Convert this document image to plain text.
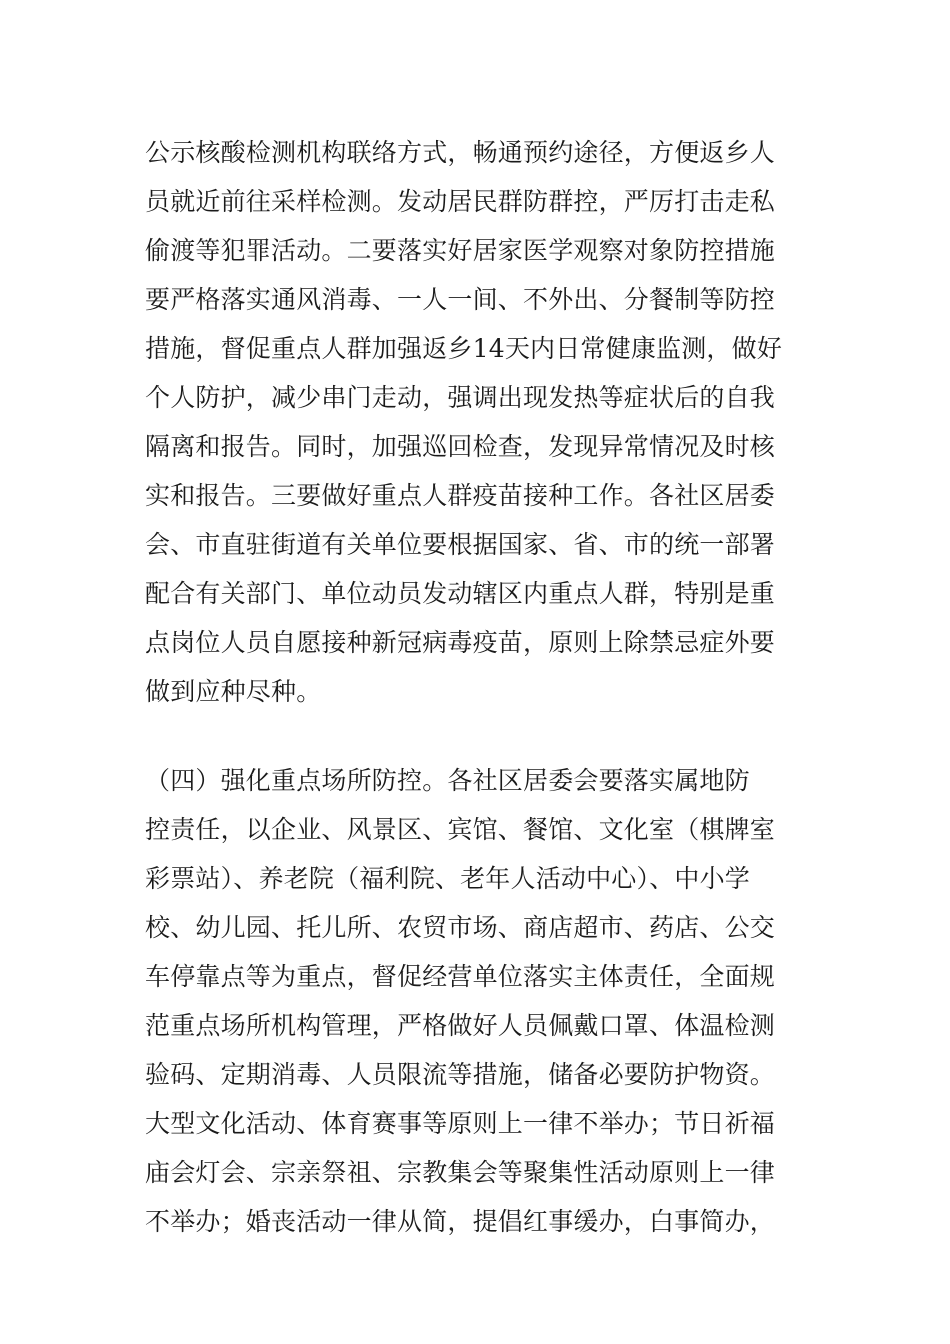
公示核酸检测机构联络方式，畅通预约途径，方便返乡人
员就近前往采样检测。发动居民群防群控，严厉打击走私
偷渡等犯罪活动。二要落实好居家医学观察对象防控措施
要严格落实通风消毒、一人一间、不外出、分餐制等防控
措施，督促重点人群加强返乡14天内日常健康监测，做好
个人防护，减少串门走动，强调出现发热等症状后的自我
隔离和报告。同时，加强巡回检查，发现异常情况及时核
实和报告。三要做好重点人群疫苗接种工作。各社区居委
会、市直驻街道有关单位要根据国家、省、市的统一部署
配合有关部门、单位动员发动辖区内重点人群，特别是重
点岗位人员自愿接种新冠病毒疫苗，原则上除禁忌症外要
做到应种尽种。
（四）强化重点场所防控。各社区居委会要落实属地防
控责任，以企业、风景区、宾馆、餐馆、文化室（棋牌室
彩票站）、养老院（福利院、老年人活动中心）、中小学
校、幼儿园、托儿所、农贸市场、商店超市、药店、公交
车停靠点等为重点，督促经营单位落实主体责任，全面规
范重点场所机构管理，严格做好人员佩戴口罩、体温检测
验码、定期消毒、人员限流等措施，储备必要防护物资。
大型文化活动、体育赛事等原则上一律不举办；节日祈福
庙会灯会、宗亲祭祖、宗教集会等聚集性活动原则上一律
不举办；婚丧活动一律从简，提倡红事缓办，白事简办，
